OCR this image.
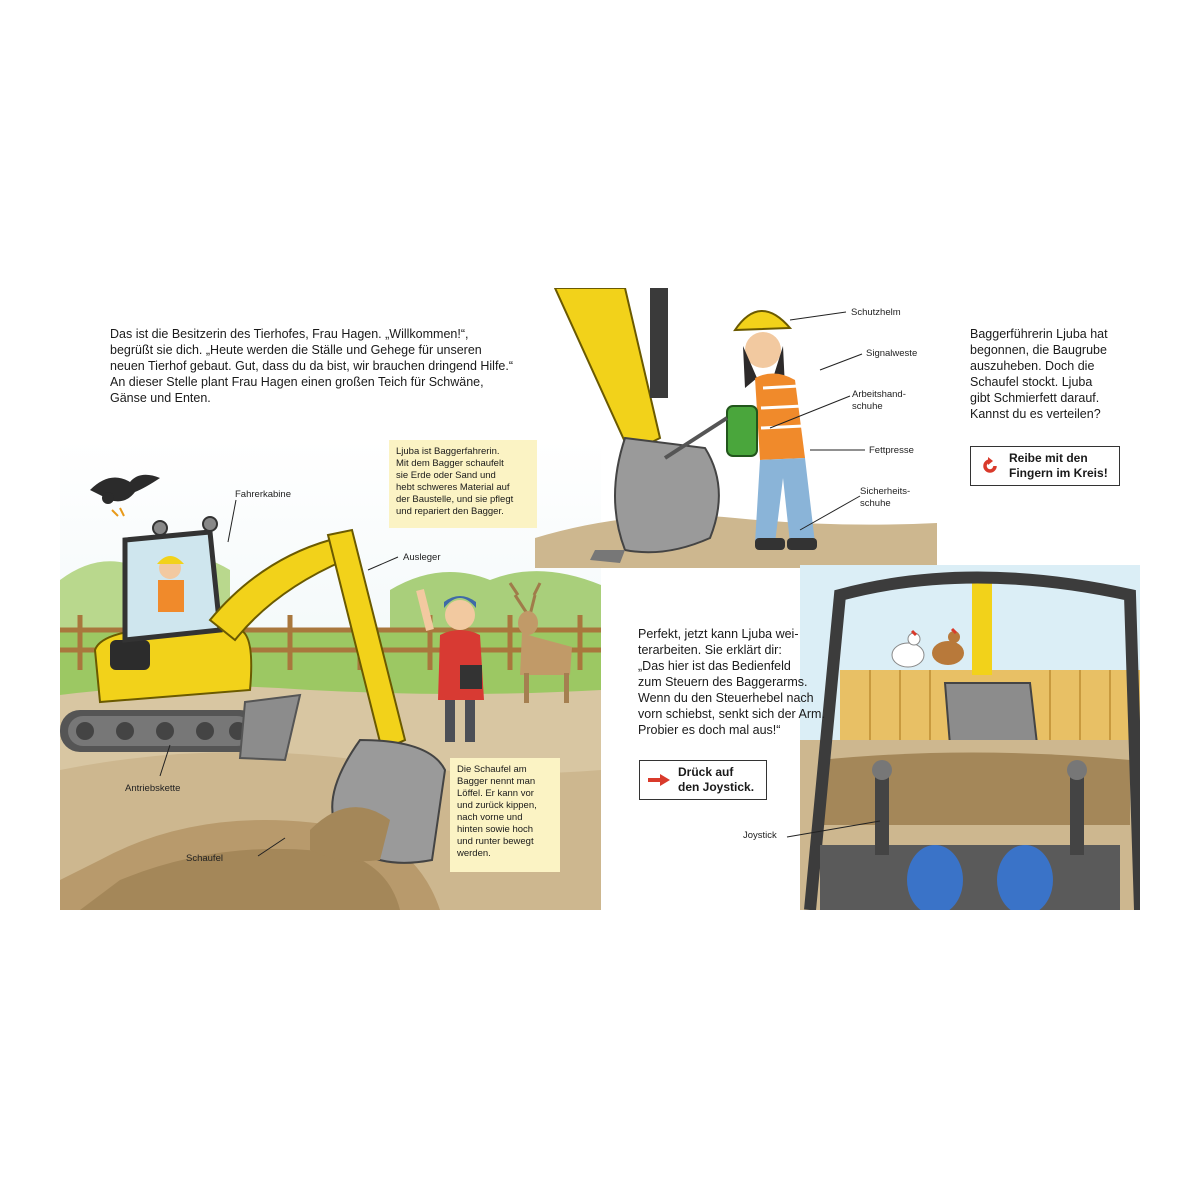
Das ist die Besitzerin des Tierhofes, Frau Hagen. „Willkommen!“,
begrüßt sie dich. „Heute werden die Ställe und Gehege für unseren
neuen Tierhof gebaut. Gut, dass du da bist, wir brauchen dringend Hilfe.“
An dieser Stelle plant Frau Hagen einen großen Teich für Schwäne,
Gänse und Enten.
Ljuba ist Baggerfahrerin.
Mit dem Bagger schaufelt
sie Erde oder Sand und
hebt schweres Material auf
der Baustelle, und sie pflegt
und repariert den Bagger.
Die Schaufel am
Bagger nennt man
Löffel. Er kann vor
und zurück kippen,
nach vorne und
hinten sowie hoch
und runter bewegt
werden.
Fahrerkabine
Ausleger
Antriebskette
Schaufel
Schutzhelm
Signalweste
Arbeitshand-
schuhe
Fettpresse
Sicherheits-
schuhe
Baggerführerin Ljuba hat
begonnen, die Baugrube
auszuheben. Doch die
Schaufel stockt. Ljuba
gibt Schmierfett darauf.
Kannst du es verteilen?
Reibe mit den
Fingern im Kreis!
Perfekt, jetzt kann Ljuba wei-
terarbeiten. Sie erklärt dir:
„Das hier ist das Bedienfeld
zum Steuern des Baggerarms.
Wenn du den Steuerhebel nach
vorn schiebst, senkt sich der Arm.
Probier es doch mal aus!“
Drück auf
den Joystick.
Joystick
